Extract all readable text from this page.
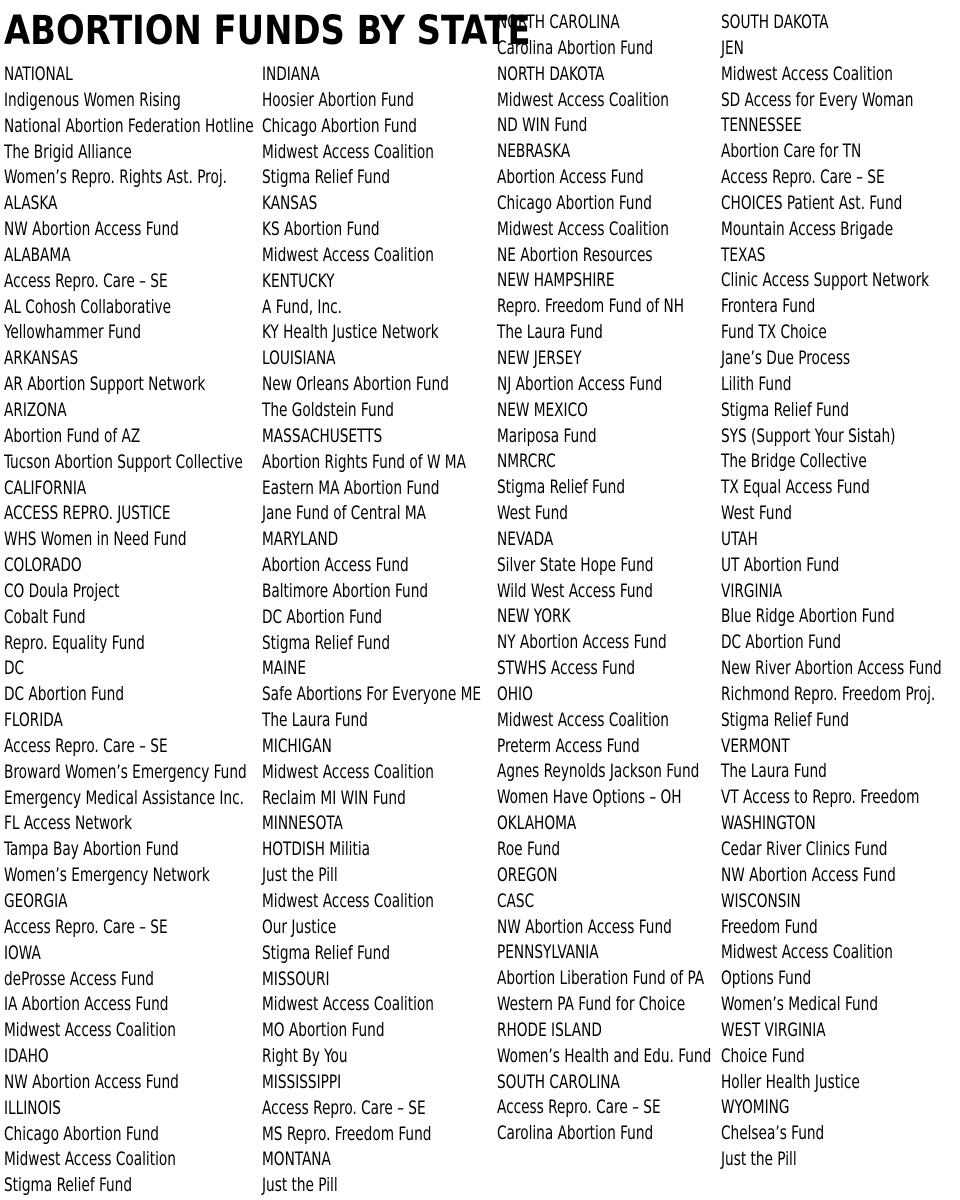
ABORTION FUNDS BY STATE
NATIONAL
Indigenous Women Rising
National Abortion Federation Hotline
The Brigid Alliance
Women’s Repro. Rights Ast. Proj.
ALASKA
NW Abortion Access Fund
ALABAMA
Access Repro. Care – SE
AL Cohosh Collaborative
Yellowhammer Fund
ARKANSAS
AR Abortion Support Network
ARIZONA
Abortion Fund of AZ
Tucson Abortion Support Collective
CALIFORNIA
ACCESS REPRO. JUSTICE
WHS Women in Need Fund
COLORADO
CO Doula Project
Cobalt Fund
Repro. Equality Fund
DC
DC Abortion Fund
FLORIDA
Access Repro. Care – SE
Broward Women’s Emergency Fund
Emergency Medical Assistance Inc.
FL Access Network
Tampa Bay Abortion Fund
Women’s Emergency Network
GEORGIA
Access Repro. Care – SE
IOWA
deProsse Access Fund
IA Abortion Access Fund
Midwest Access Coalition
IDAHO
NW Abortion Access Fund
ILLINOIS
Chicago Abortion Fund
Midwest Access Coalition
Stigma Relief Fund
INDIANA
Hoosier Abortion Fund
Chicago Abortion Fund
Midwest Access Coalition
Stigma Relief Fund
KANSAS
KS Abortion Fund
Midwest Access Coalition
KENTUCKY
A Fund, Inc.
KY Health Justice Network
LOUISIANA
New Orleans Abortion Fund
The Goldstein Fund
MASSACHUSETTS
Abortion Rights Fund of W MA
Eastern MA Abortion Fund
Jane Fund of Central MA
MARYLAND
Abortion Access Fund
Baltimore Abortion Fund
DC Abortion Fund
Stigma Relief Fund
MAINE
Safe Abortions For Everyone ME
The Laura Fund
MICHIGAN
Midwest Access Coalition
Reclaim MI WIN Fund
MINNESOTA
HOTDISH Militia
Just the Pill
Midwest Access Coalition
Our Justice
Stigma Relief Fund
MISSOURI
Midwest Access Coalition
MO Abortion Fund
Right By You
MISSISSIPPI
Access Repro. Care – SE
MS Repro. Freedom Fund
MONTANA
Just the Pill
NORTH CAROLINA
Carolina Abortion Fund
NORTH DAKOTA
Midwest Access Coalition
ND WIN Fund
NEBRASKA
Abortion Access Fund
Chicago Abortion Fund
Midwest Access Coalition
NE Abortion Resources
NEW HAMPSHIRE
Repro. Freedom Fund of NH
The Laura Fund
NEW JERSEY
NJ Abortion Access Fund
NEW MEXICO
Mariposa Fund
NMRCRC
Stigma Relief Fund
West Fund
NEVADA
Silver State Hope Fund
Wild West Access Fund
NEW YORK
NY Abortion Access Fund
STWHS Access Fund
OHIO
Midwest Access Coalition
Preterm Access Fund
Agnes Reynolds Jackson Fund
Women Have Options – OH
OKLAHOMA
Roe Fund
OREGON
CASC
NW Abortion Access Fund
PENNSYLVANIA
Abortion Liberation Fund of PA
Western PA Fund for Choice
RHODE ISLAND
Women’s Health and Edu. Fund
SOUTH CAROLINA
Access Repro. Care – SE
Carolina Abortion Fund
SOUTH DAKOTA
JEN
Midwest Access Coalition
SD Access for Every Woman
TENNESSEE
Abortion Care for TN
Access Repro. Care – SE
CHOICES Patient Ast. Fund
Mountain Access Brigade
TEXAS
Clinic Access Support Network
Frontera Fund
Fund TX Choice
Jane’s Due Process
Lilith Fund
Stigma Relief Fund
SYS (Support Your Sistah)
The Bridge Collective
TX Equal Access Fund
West Fund
UTAH
UT Abortion Fund
VIRGINIA
Blue Ridge Abortion Fund
DC Abortion Fund
New River Abortion Access Fund
Richmond Repro. Freedom Proj.
Stigma Relief Fund
VERMONT
The Laura Fund
VT Access to Repro. Freedom
WASHINGTON
Cedar River Clinics Fund
NW Abortion Access Fund
WISCONSIN
Freedom Fund
Midwest Access Coalition
Options Fund
Women’s Medical Fund
WEST VIRGINIA
Choice Fund
Holler Health Justice
WYOMING
Chelsea’s Fund
Just the Pill
